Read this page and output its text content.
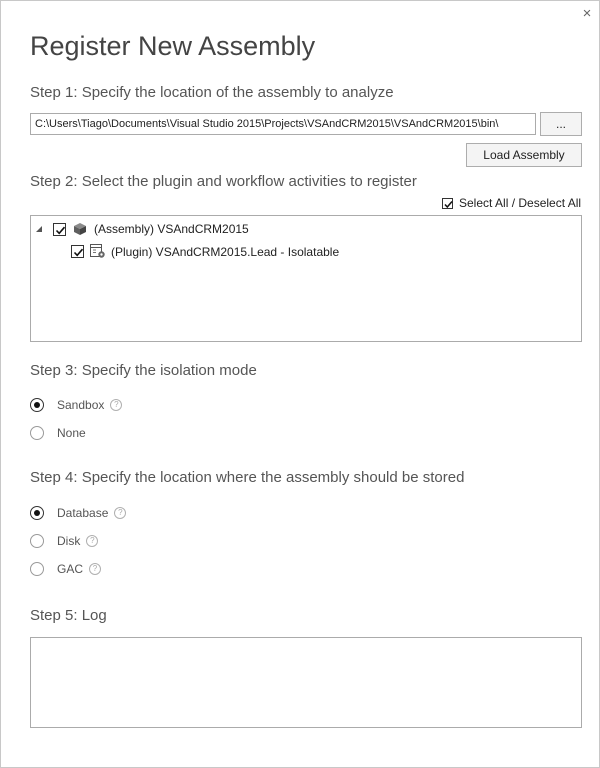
×
Register New Assembly
Step 1: Specify the location of the assembly to analyze
C:\Users\Tiago\Documents\Visual Studio 2015\Projects\VSAndCRM2015\VSAndCRM2015\bin\
...
Load Assembly
Step 2: Select the plugin and workflow activities to register
Select All / Deselect All
(Assembly) VSAndCRM2015
(Plugin) VSAndCRM2015.Lead - Isolatable
Step 3: Specify the isolation mode
Sandbox	?
None
Step 4: Specify the location where the assembly should be stored
Database	?
Disk	?
GAC	?
Step 5: Log
